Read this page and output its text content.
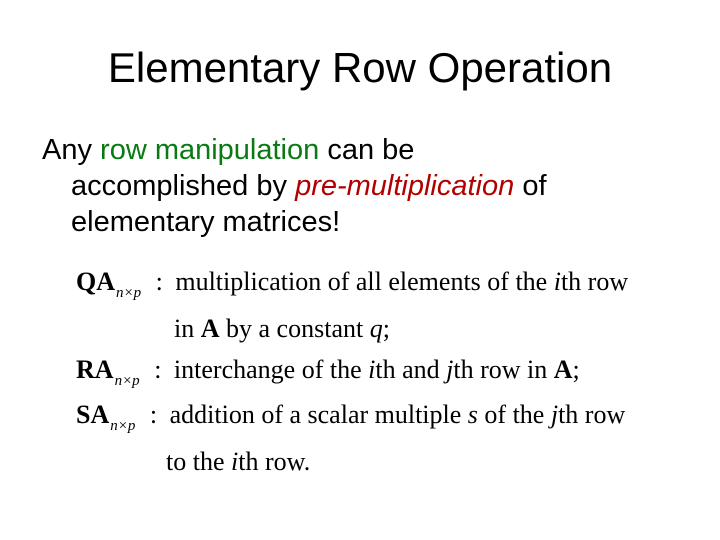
Elementary Row Operation
Any row manipulation can be
accomplished by pre-multiplication of
elementary matrices!
$QA_{n\times p}$ : multiplication of all elements of the ith row
in A by a constant q;
$RA_{n\times p}$ : interchange of the ith and jth row in A;
$SA_{n\times p}$ : addition of a scalar multiple s of the jth row
to the ith row.
